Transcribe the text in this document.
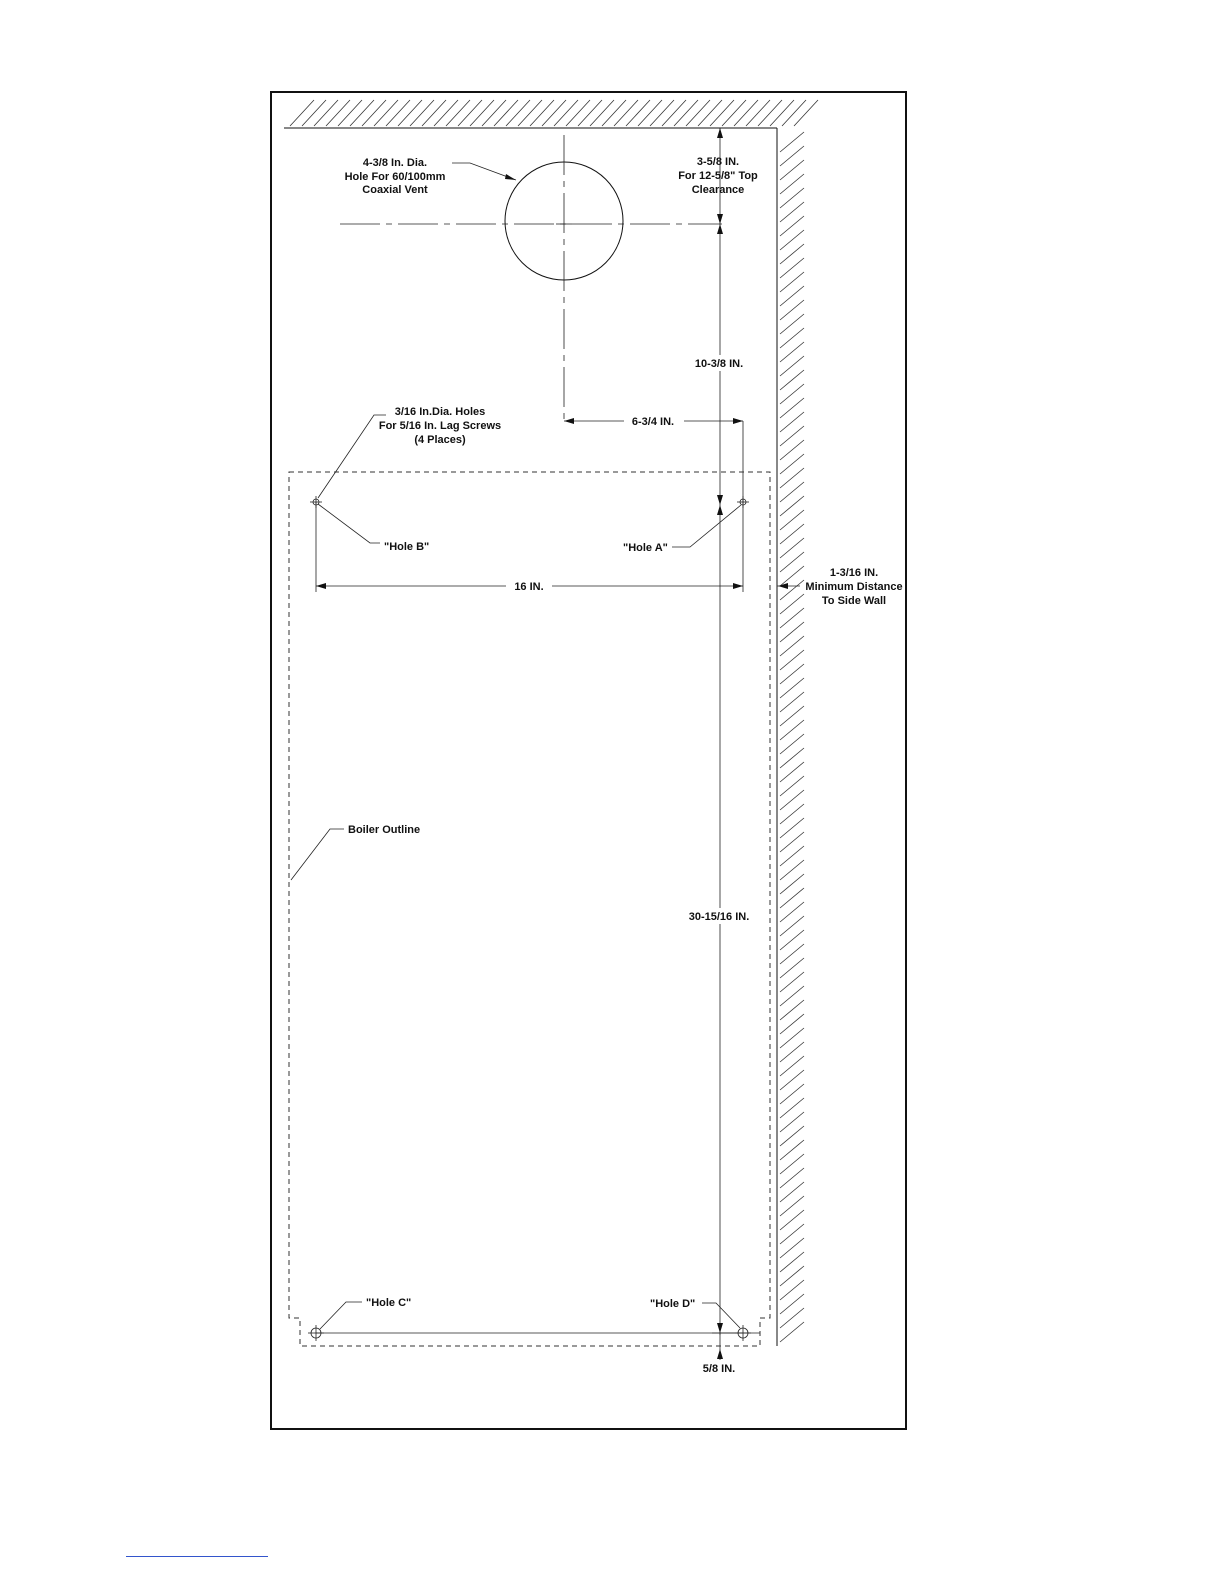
4-3/8 In. Dia.
Hole For 60/100mm
Coaxial Vent
3-5/8 IN.
For 12-5/8" Top
Clearance
10-3/8 IN.
6-3/4 IN.
3/16 In.Dia. Holes
For 5/16 In. Lag Screws
(4 Places)
"Hole B"	"Hole A"
16 IN.
1-3/16 IN.
Minimum Distance
To Side Wall
Boiler Outline
30-15/16 IN.
"Hole C"	"Hole D"
5/8 IN.
